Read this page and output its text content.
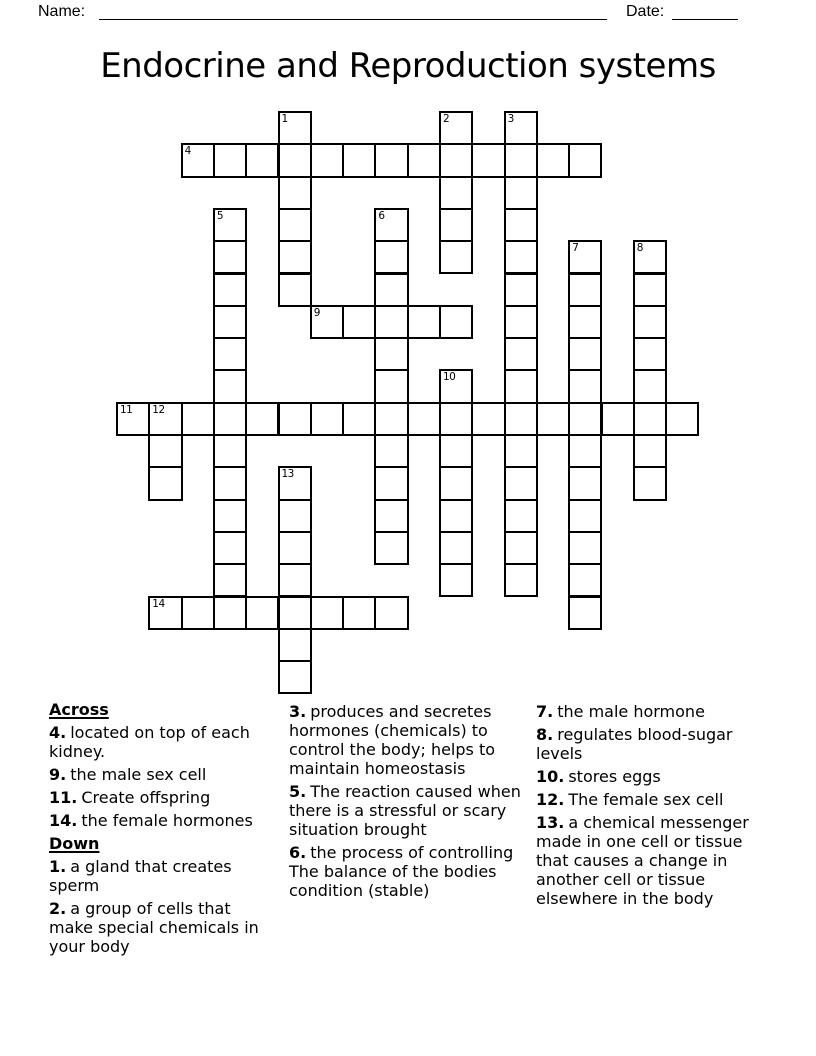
Name:	Date:
Endocrine and Reproduction systems
1	2	3
4
5	6
7	8
9
10
11 12
13
14

Across

4. located on top of each kidney.

9. the male sex cell

11. Create offspring

14. the female hormones

Down

1. a gland that creates sperm

2. a group of cells that make special chemicals in your body

3. produces and secretes hormones (chemicals) to control the body; helps to maintain homeostasis

5. The reaction caused when there is a stressful or scary situation brought

6. the process of controlling The balance of the bodies condition (stable)

7. the male hormone

8. regulates blood-sugar levels

10. stores eggs

12. The female sex cell

13. a chemical messenger made in one cell or tissue that causes a change in another cell or tissue elsewhere in the body
